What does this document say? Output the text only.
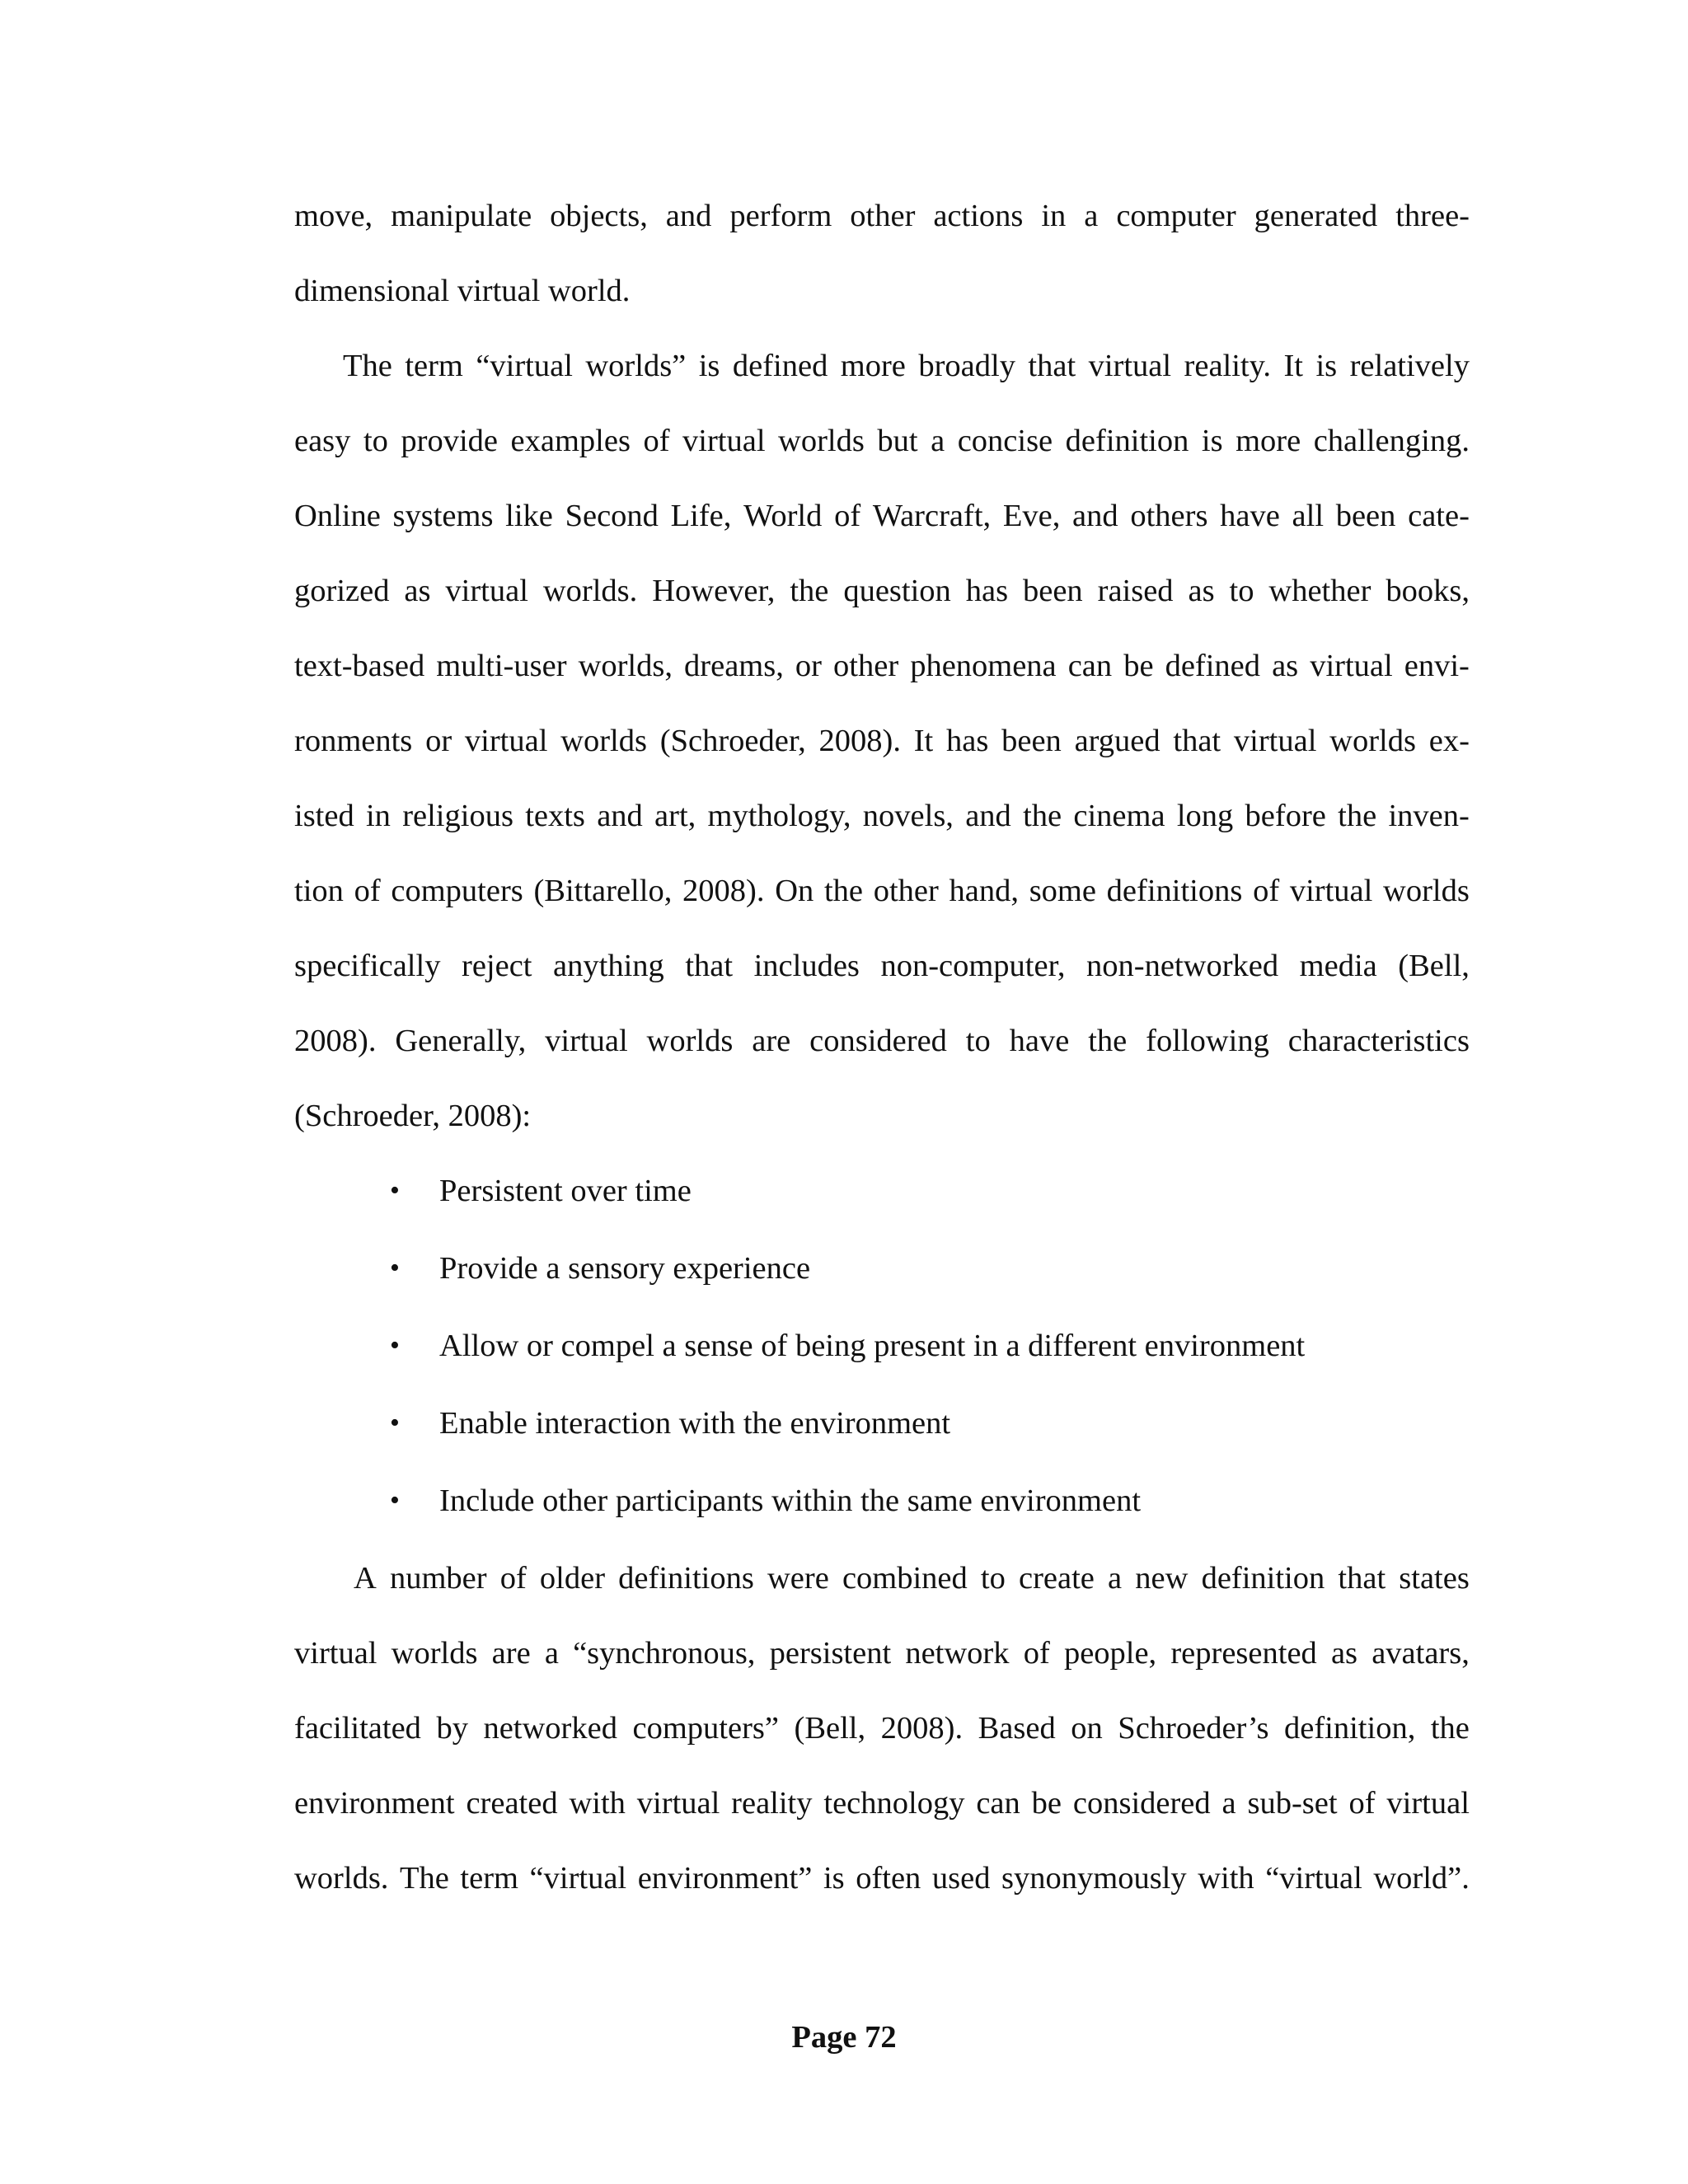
move, manipulate objects, and perform other actions in a computer generated three-
dimensional virtual world.
The term “virtual worlds” is defined more broadly that virtual reality. It is relatively
easy to provide examples of virtual worlds but a concise definition is more challenging.
Online systems like Second Life, World of Warcraft, Eve, and others have all been cate-
gorized as virtual worlds. However, the question has been raised as to whether books,
text-based multi-user worlds, dreams, or other phenomena can be defined as virtual envi-
ronments or virtual worlds (Schroeder, 2008). It has been argued that virtual worlds ex-
isted in religious texts and art, mythology, novels, and the cinema long before the inven-
tion of computers (Bittarello, 2008). On the other hand, some definitions of virtual worlds
specifically reject anything that includes non-computer, non-networked media (Bell,
2008). Generally, virtual worlds are considered to have the following characteristics
(Schroeder, 2008):
• Persistent over time
• Provide a sensory experience
• Allow or compel a sense of being present in a different environment
• Enable interaction with the environment
• Include other participants within the same environment
A number of older definitions were combined to create a new definition that states
virtual worlds are a “synchronous, persistent network of people, represented as avatars,
facilitated by networked computers” (Bell, 2008). Based on Schroeder’s definition, the
environment created with virtual reality technology can be considered a sub-set of virtual
worlds. The term “virtual environment” is often used synonymously with “virtual world”.
Page 72
